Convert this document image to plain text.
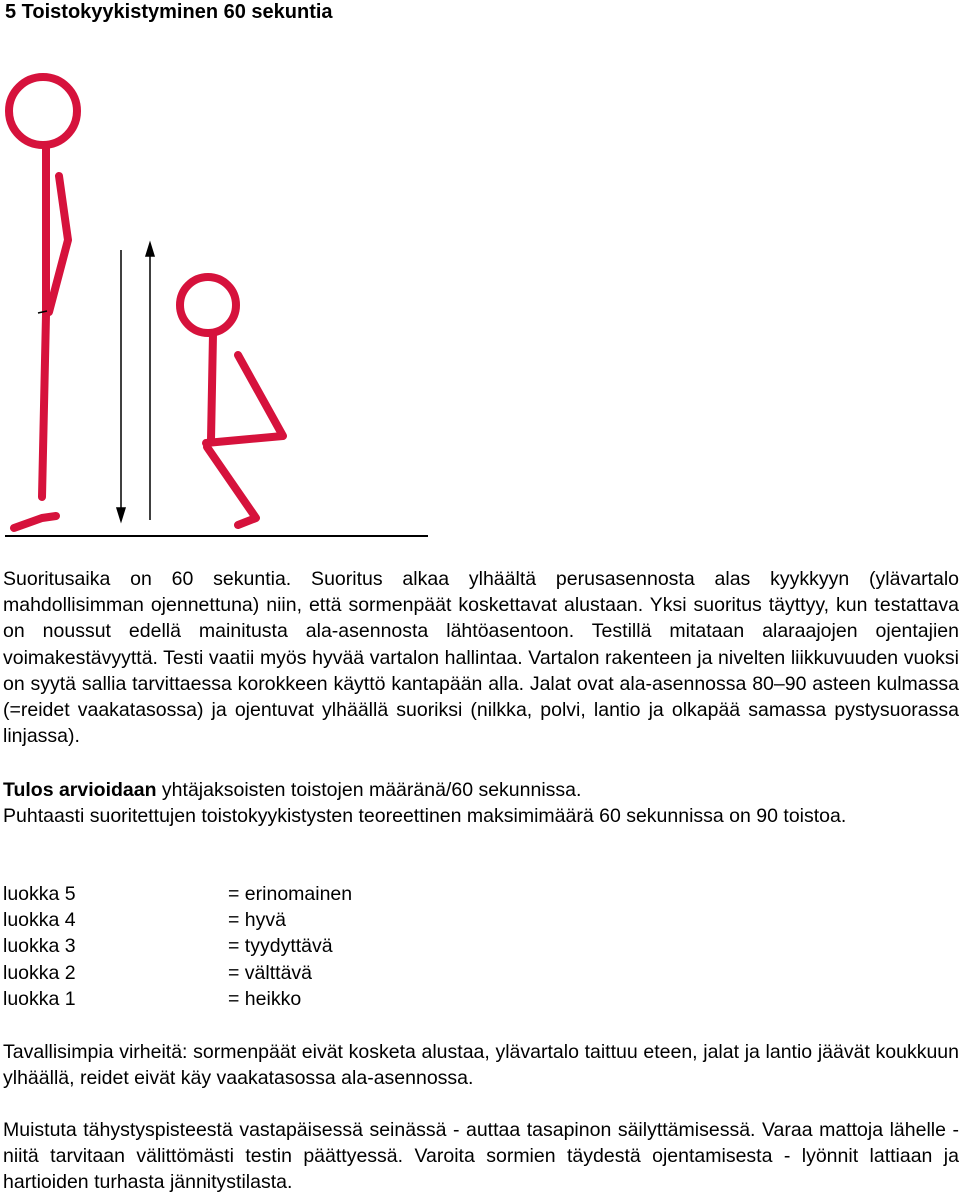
5 Toistokyykistyminen 60 sekuntia

Suoritusaika on 60 sekuntia. Suoritus alkaa ylhäältä perusasennosta alas kyykkyyn (ylävartalo mahdollisimman ojennettuna) niin, että sormenpäät koskettavat alustaan. Yksi suoritus täyttyy, kun testattava on noussut edellä mainitusta ala-asennosta lähtöasentoon. Testillä mitataan alaraajojen ojentajien voimakestävyyttä. Testi vaatii myös hyvää vartalon hallintaa. Vartalon rakenteen ja nivelten liikkuvuuden vuoksi on syytä sallia tarvittaessa korokkeen käyttö kantapään alla. Jalat ovat ala-asennossa 80–90 asteen kulmassa (=reidet vaakatasossa) ja ojentuvat ylhäällä suoriksi (nilkka, polvi, lantio ja olkapää samassa pystysuorassa linjassa).

Tulos arvioidaan yhtäjaksoisten toistojen määränä/60 sekunnissa.
Puhtaasti suoritettujen toistokyykistysten teoreettinen maksimimäärä 60 sekunnissa on 90 toistoa.

luokka 5	= erinomainen
luokka 4	= hyvä
luokka 3	= tyydyttävä
luokka 2	= välttävä
luokka 1	= heikko

Tavallisimpia virheitä: sormenpäät eivät kosketa alustaa, ylävartalo taittuu eteen, jalat ja lantio jäävät koukkuun ylhäällä, reidet eivät käy vaakatasossa ala-asennossa.

Muistuta tähystyspisteestä vastapäisessä seinässä - auttaa tasapinon säilyttämisessä. Varaa mattoja lähelle - niitä tarvitaan välittömästi testin päättyessä. Varoita sormien täydestä ojentamisesta - lyönnit lattiaan ja hartioiden turhasta jännitystilasta.
